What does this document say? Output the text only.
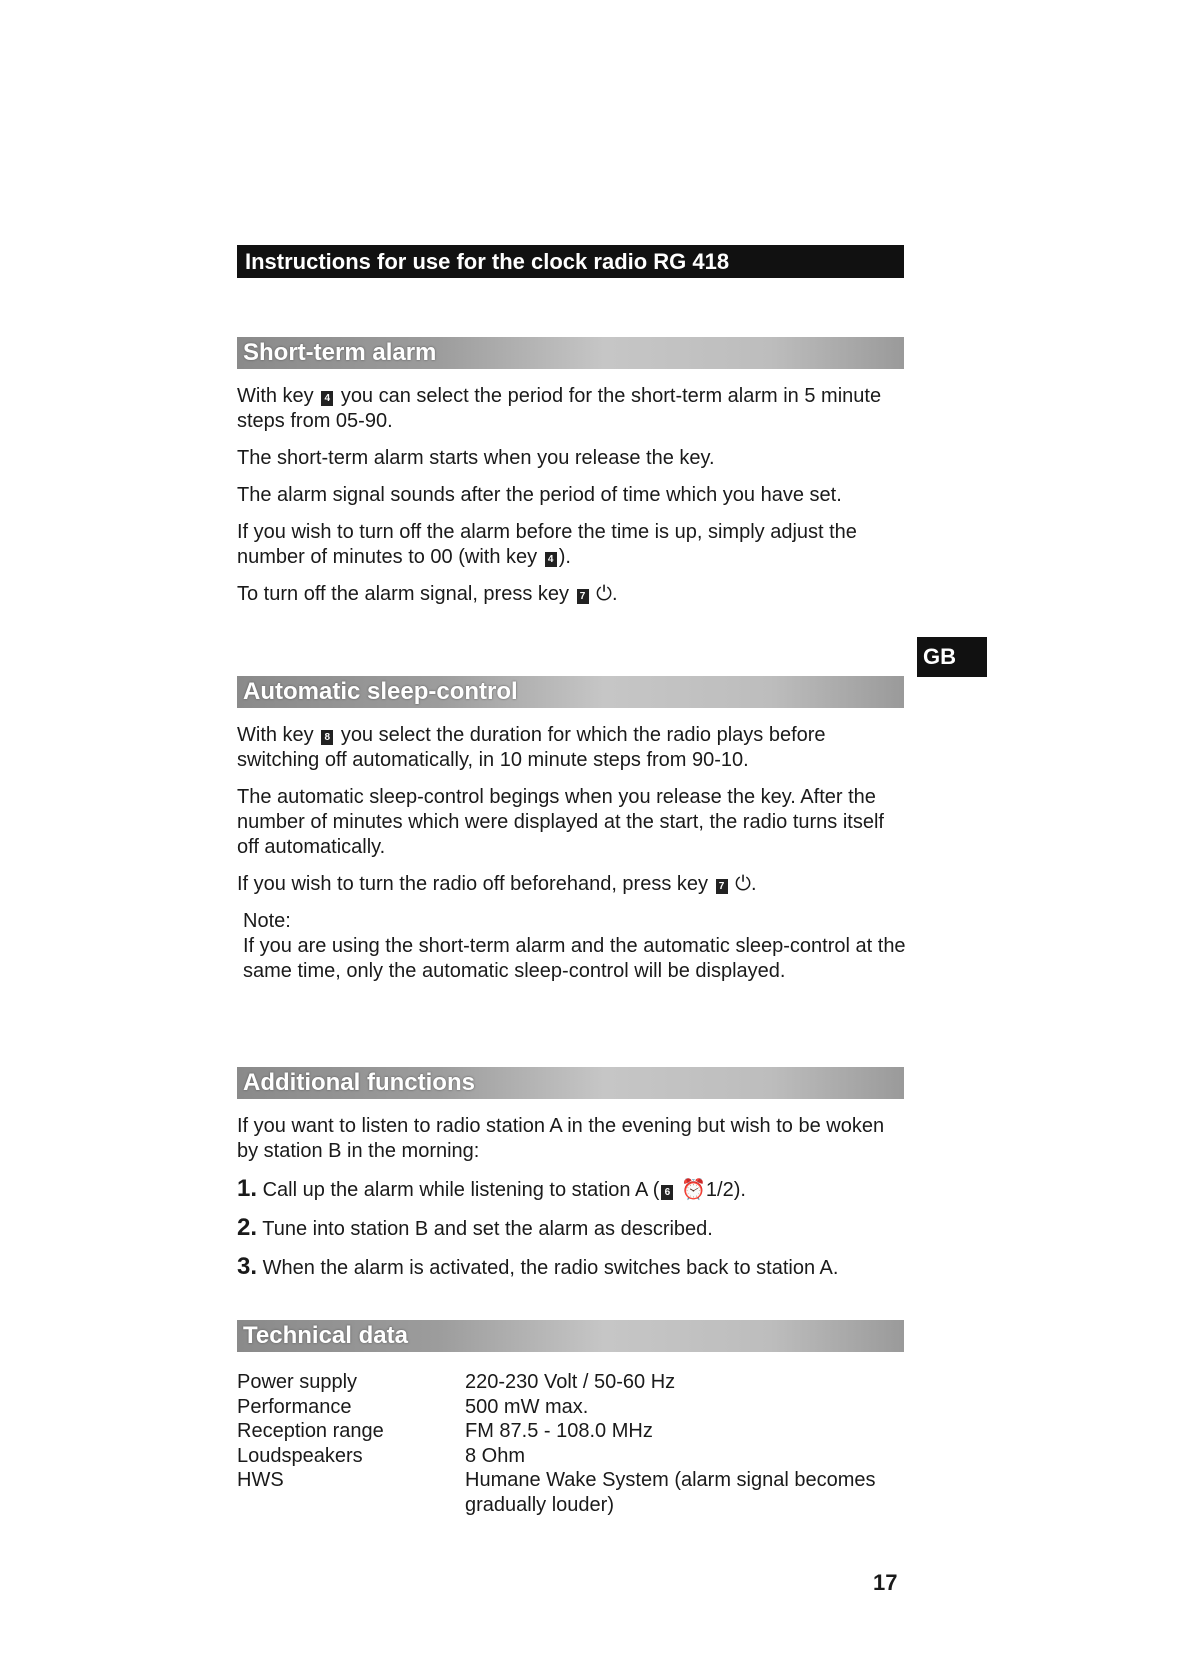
Instructions for use for the clock radio RG 418
Short-term alarm

With key 4 you can select the period for the short-term alarm in 5 minute steps from 05-90.

The short-term alarm starts when you release the key.

The alarm signal sounds after the period of time which you have set.

If you wish to turn off the alarm before the time is up, simply adjust the number of minutes to 00 (with key 4 ).

To turn off the alarm signal, press key 7 ⏻.

GB
Automatic sleep-control

With key 8 you select the duration for which the radio plays before switching off automatically, in 10 minute steps from 90-10.

The automatic sleep-control begings when you release the key. After the number of minutes which were displayed at the start, the radio turns itself off automatically.

If you wish to turn the radio off beforehand, press key 7 ⏻.

Note:
If you are using the short-term alarm and the automatic sleep-control at the same time, only the automatic sleep-control will be displayed.
Additional functions

If you want to listen to radio station A in the evening but wish to be woken by station B in the morning:

1. Call up the alarm while listening to station A ( 6 ⏰1/2).

2. Tune into station B and set the alarm as described.

3. When the alarm is activated, the radio switches back to station A.

Technical data
Power supply	220-230 Volt / 50-60 Hz
Performance	500 mW max.
Reception range	FM 87.5 - 108.0 MHz
Loudspeakers	8 Ohm
HWS	Humane Wake System (alarm signal becomes gradually louder)
17
